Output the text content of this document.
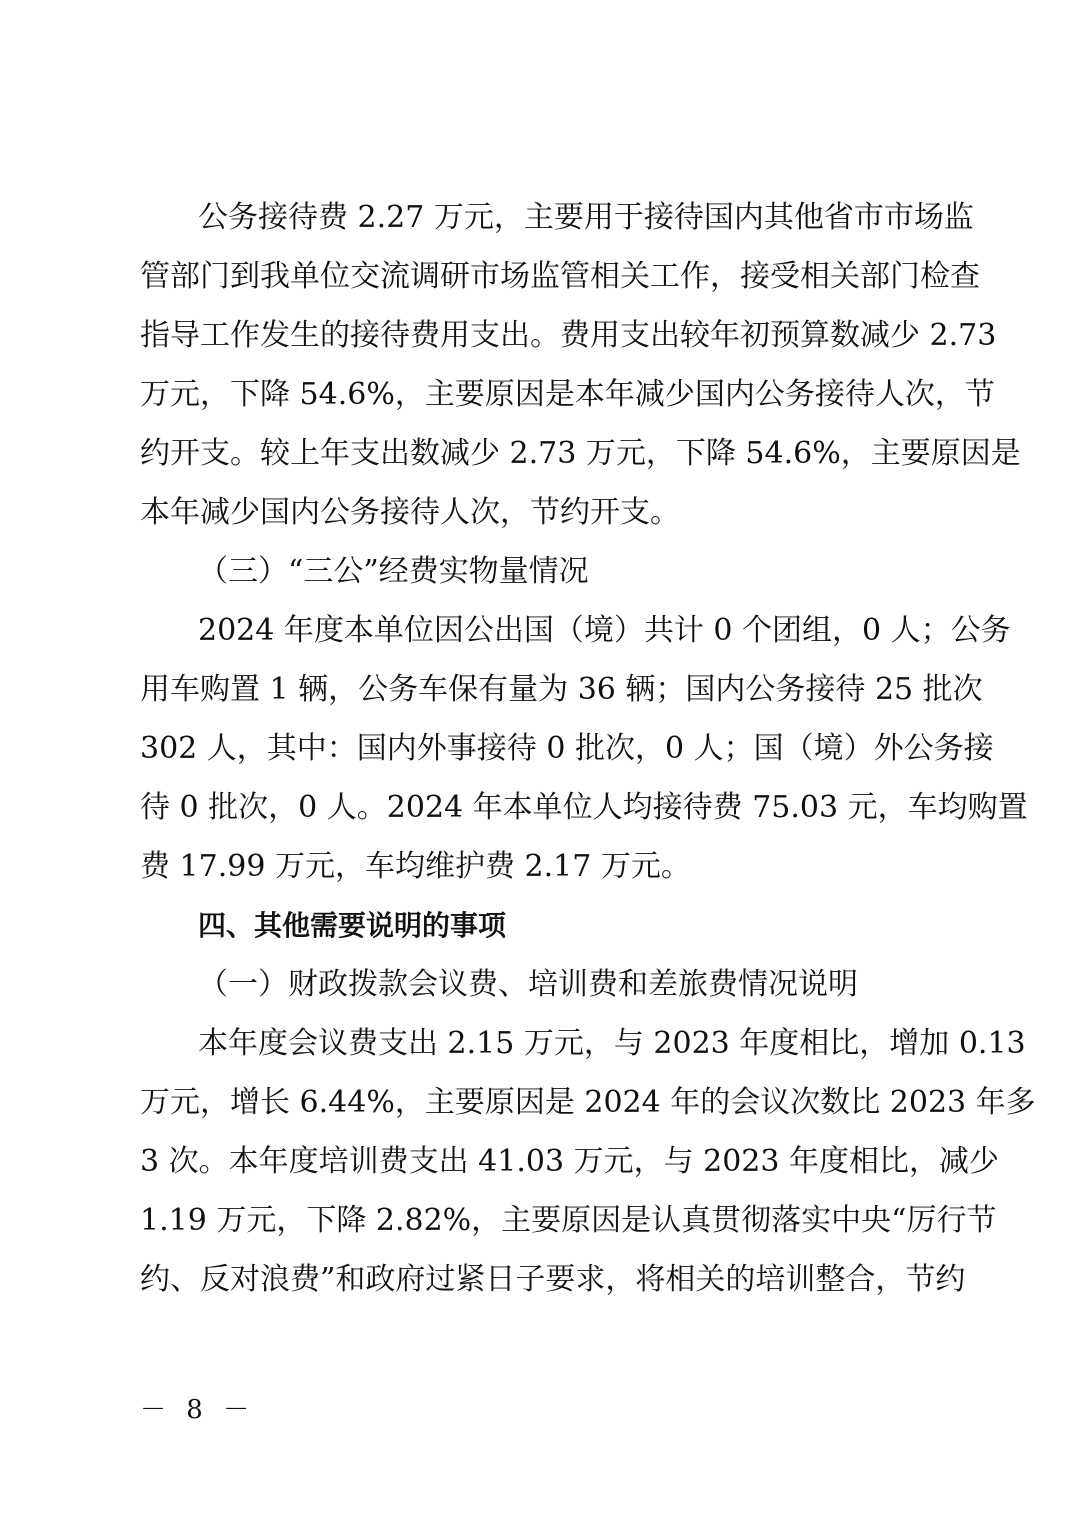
公务接待费 2.27 万元，主要用于接待国内其他省市市场监
管部门到我单位交流调研市场监管相关工作，接受相关部门检查
指导工作发生的接待费用支出。费用支出较年初预算数减少 2.73
万元，下降 54.6%，主要原因是本年减少国内公务接待人次，节
约开支。较上年支出数减少 2.73 万元，下降 54.6%，主要原因是
本年减少国内公务接待人次，节约开支。
（三）“三公”经费实物量情况
2024 年度本单位因公出国（境）共计 0 个团组，0 人；公务
用车购置 1 辆，公务车保有量为 36 辆；国内公务接待 25 批次
302 人，其中：国内外事接待 0 批次，0 人；国（境）外公务接
待 0 批次，0 人。2024 年本单位人均接待费 75.03 元，车均购置
费 17.99 万元，车均维护费 2.17 万元。
四、其他需要说明的事项
（一）财政拨款会议费、培训费和差旅费情况说明
本年度会议费支出 2.15 万元，与 2023 年度相比，增加 0.13
万元，增长 6.44%，主要原因是 2024 年的会议次数比 2023 年多
3 次。本年度培训费支出 41.03 万元，与 2023 年度相比，减少
1.19 万元，下降 2.82%，主要原因是认真贯彻落实中央“厉行节
约、反对浪费”和政府过紧日子要求，将相关的培训整合，节约
－ 8 －
